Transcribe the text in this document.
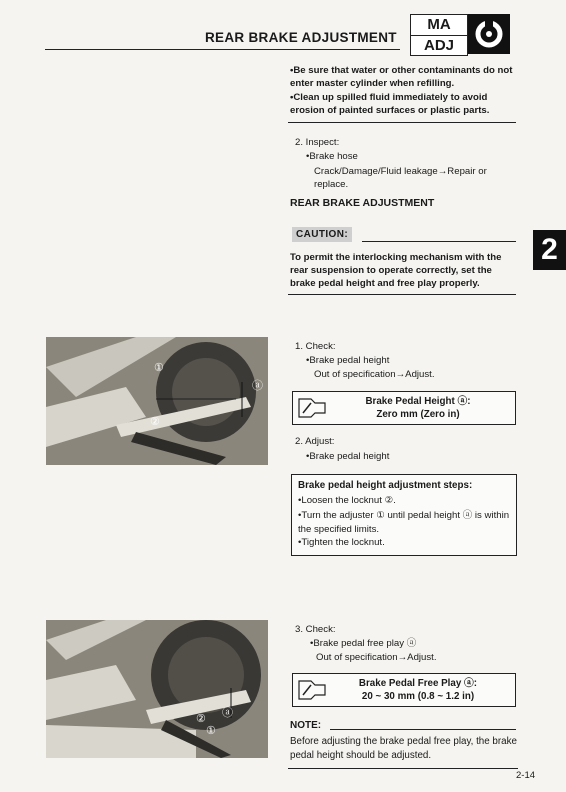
REAR BRAKE ADJUSTMENT
MA
ADJ
2
•Be sure that water or other contaminants do not enter master cylinder when refilling.
•Clean up spilled fluid immediately to avoid erosion of painted surfaces or plastic parts.
2. Inspect:
•Brake hose
Crack/Damage/Fluid leakage→Repair or replace.
REAR BRAKE ADJUSTMENT
CAUTION:
To permit the interlocking mechanism with the rear suspension to operate correctly, set the brake pedal height and free play properly.
①
②
ⓐ
1. Check:
•Brake pedal height
Out of specification→Adjust.
Brake Pedal Height ⓐ:
Zero mm (Zero in)
2. Adjust:
•Brake pedal height
Brake pedal height adjustment steps:
•Loosen the locknut ②.
•Turn the adjuster ① until pedal height ⓐ is within the specified limits.
•Tighten the locknut.
②
①
ⓐ
3. Check:
•Brake pedal free play ⓐ
Out of specification→Adjust.
Brake Pedal Free Play ⓐ:
20 ~ 30 mm (0.8 ~ 1.2 in)
NOTE:
Before adjusting the brake pedal free play, the brake pedal height should be adjusted.
2-14
